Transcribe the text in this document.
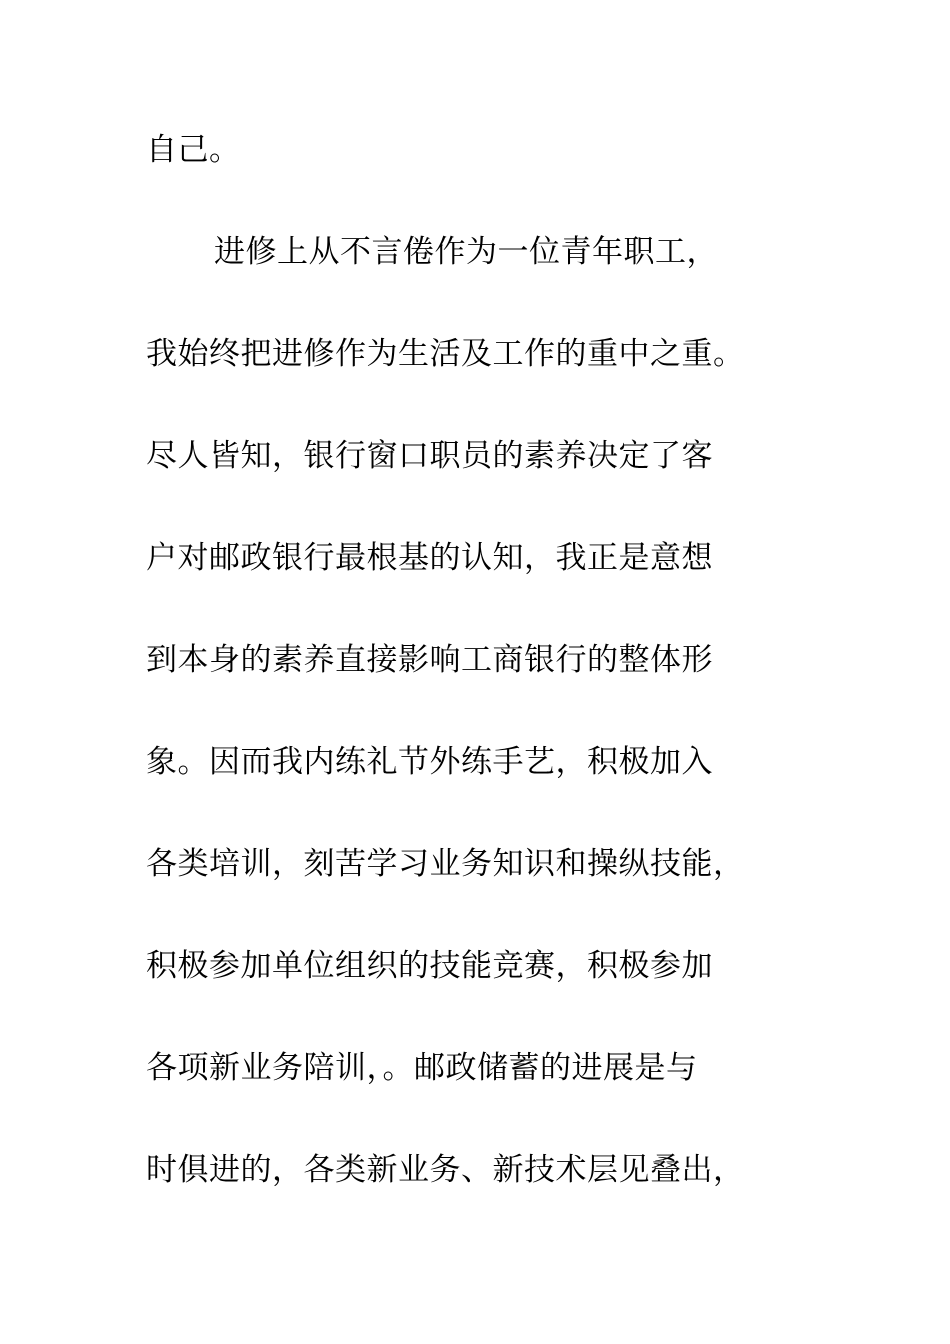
自己。
进修上从不言倦作为一位青年职工，
我始终把进修作为生活及工作的重中之重。
尽人皆知，银行窗口职员的素养决定了客
户对邮政银行最根基的认知，我正是意想
到本身的素养直接影响工商银行的整体形
象。因而我内练礼节外练手艺，积极加入
各类培训，刻苦学习业务知识和操纵技能，
积极参加单位组织的技能竞赛，积极参加
各项新业务陪训，。邮政储蓄的进展是与
时俱进的，各类新业务、新技术层见叠出，
